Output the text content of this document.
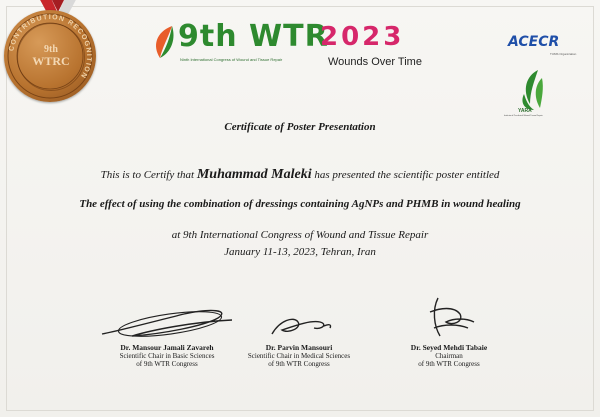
CONTRIBUTION RECOGNITION
9th
WTRC
9th WTR
2023
Ninth International Congress of Wound and Tissue Repair	Wounds Over Time
ACECR
TUMS Organization
YARA
Institute of Preclinical Wound Tissue Repair
Certificate of Poster Presentation
This is to Certify that Muhammad Maleki has presented the scientific poster entitled
The effect of using the combination of dressings containing AgNPs and PHMB in wound healing
at 9th International Congress of Wound and Tissue Repair
January 11-13, 2023, Tehran, Iran
Dr. Mansour Jamali Zavareh
Scientific Chair in Basic Sciences
of 9th WTR Congress
Dr. Parvin Mansouri
Scientific Chair in Medical Sciences
of 9th WTR Congress
Dr. Seyed Mehdi Tabaie
Chairman
of 9th WTR Congress
